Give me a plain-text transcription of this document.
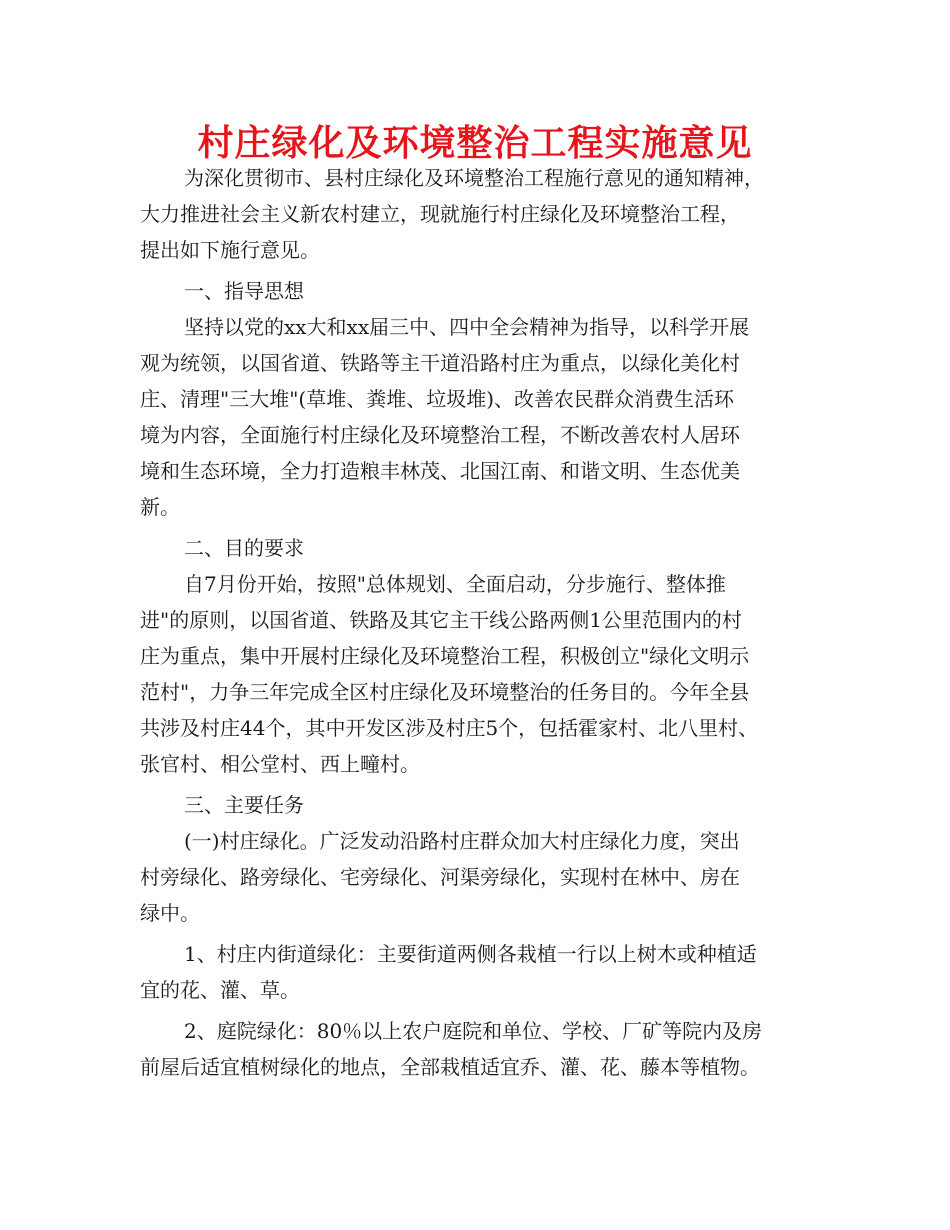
村庄绿化及环境整治工程实施意见
为深化贯彻市、县村庄绿化及环境整治工程施行意见的通知精神，
大力推进社会主义新农村建立，现就施行村庄绿化及环境整治工程，
提出如下施行意见。
一、指导思想
坚持以党的xx大和xx届三中、四中全会精神为指导，以科学开展
观为统领，以国省道、铁路等主干道沿路村庄为重点，以绿化美化村
庄、清理"三大堆"(草堆、粪堆、垃圾堆)、改善农民群众消费生活环
境为内容，全面施行村庄绿化及环境整治工程，不断改善农村人居环
境和生态环境，全力打造粮丰林茂、北国江南、和谐文明、生态优美
新。
二、目的要求
自7月份开始，按照"总体规划、全面启动，分步施行、整体推
进"的原则，以国省道、铁路及其它主干线公路两侧1公里范围内的村
庄为重点，集中开展村庄绿化及环境整治工程，积极创立"绿化文明示
范村"，力争三年完成全区村庄绿化及环境整治的任务目的。今年全县
共涉及村庄44个，其中开发区涉及村庄5个，包括霍家村、北八里村、
张官村、相公堂村、西上疃村。
三、主要任务
(一)村庄绿化。广泛发动沿路村庄群众加大村庄绿化力度，突出
村旁绿化、路旁绿化、宅旁绿化、河渠旁绿化，实现村在林中、房在
绿中。
1、村庄内街道绿化：主要街道两侧各栽植一行以上树木或种植适
宜的花、灌、草。
2、庭院绿化：80％以上农户庭院和单位、学校、厂矿等院内及房
前屋后适宜植树绿化的地点，全部栽植适宜乔、灌、花、藤本等植物。
